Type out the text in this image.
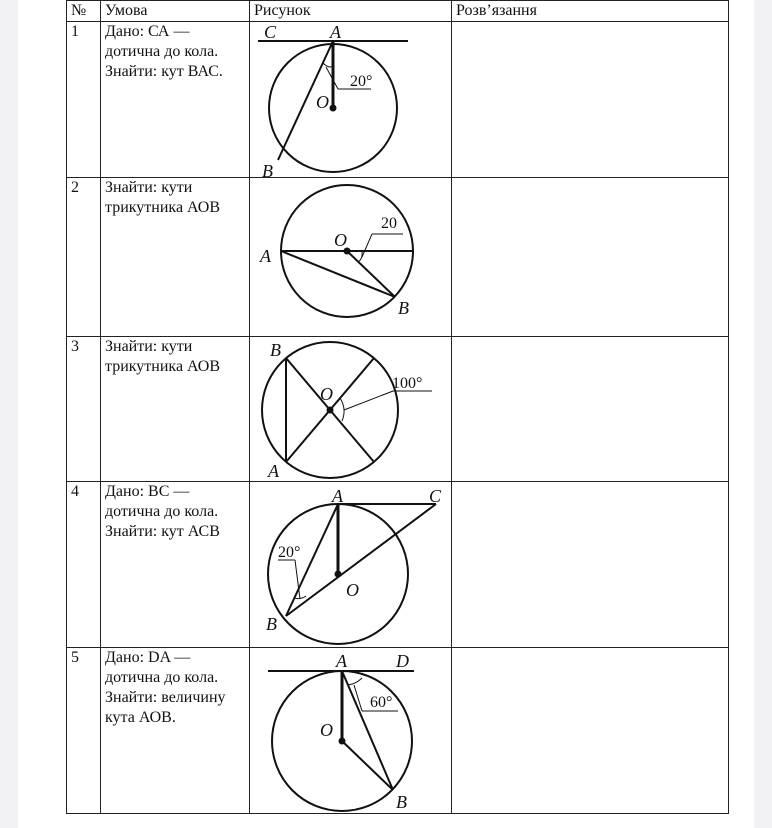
№	Умова	Рисунок	Розв’язання
1	Дано: СА —
дотична до кола.
Знайти: кут ВАС.	C A
O
B
20°	

2	Знайти: кути
трикутника АОВ	O
A
B
20	

3	Знайти: кути
трикутника АОВ	B
O
A
100°	

4	Дано: ВС —
дотична до кола.
Знайти: кут АСВ	A C
O
B
20°	

5	Дано: DA —
дотична до кола.
Знайти: величину
кута АОВ.	A D
O
B
60°	
